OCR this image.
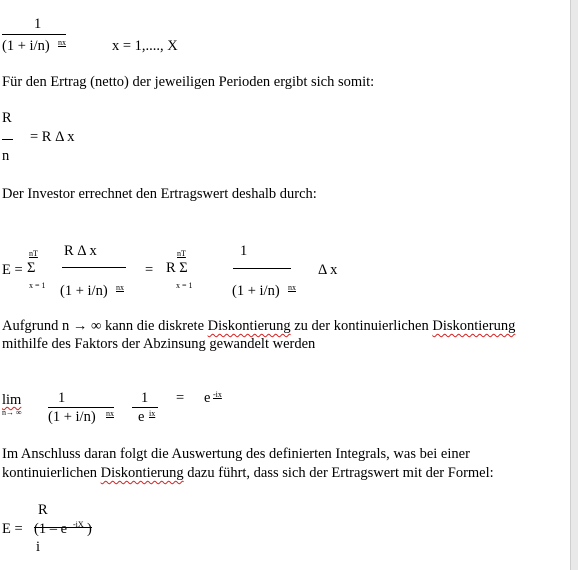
1
(1 + i/n) nx	x = 1,...., X
Für den Ertrag (netto) der jeweiligen Perioden ergibt sich somit:
R
n
= R Δ x
Der Investor errechnet den Ertragswert deshalb durch:
E =
nT
Σ
x = 1
R Δ x
(1 + i/n) nx
=
nT
R Σ
x = 1
1
(1 + i/n) nx
Δ x
Aufgrund n → ∞ kann die diskrete Diskontierung zu der kontinuierlichen Diskontierung
mithilfe des Faktors der Abzinsung gewandelt werden
lim
n→ ∞
1
(1 + i/n) nx
1
e ix
= e -ix
Im Anschluss daran folgt die Auswertung des definierten Integrals, was bei einer
kontinuierlichen Diskontierung dazu führt, dass sich der Ertragswert mit der Formel:
E =
R
(1 – e -iX )
i
